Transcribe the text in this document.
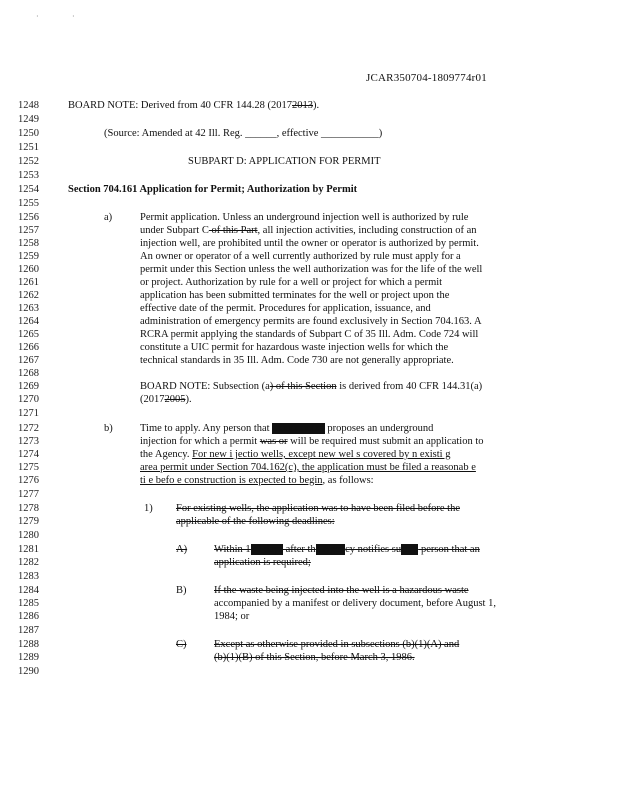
·	·
JCAR350704-1809774r01
1248
1249
1250
1251
1252
1253
1254
1255
1256
1257
1258
1259
1260
1261
1262
1263
1264
1265
1266
1267
1268
1269
1270
1271
1272
1273
1274
1275
1276
1277
1278
1279
1280
1281
1282
1283
1284
1285
1286
1287
1288
1289
1290
BOARD NOTE: Derived from 40 CFR 144.28 (20172013).
(Source: Amended at 42 Ill. Reg. ______, effective ___________)
SUBPART D: APPLICATION FOR PERMIT
Section 704.161 Application for Permit; Authorization by Permit
a)	Permit application. Unless an underground injection well is authorized by rule
under Subpart C of this Part, all injection activities, including construction of an
injection well, are prohibited until the owner or operator is authorized by permit.
An owner or operator of a well currently authorized by rule must apply for a
permit under this Section unless the well authorization was for the life of the well
or project. Authorization by rule for a well or project for which a permit
application has been submitted terminates for the well or project upon the
effective date of the permit. Procedures for application, issuance, and
administration of emergency permits are found exclusively in Section 704.163. A
RCRA permit applying the standards of Subpart C of 35 Ill. Adm. Code 724 will
constitute a UIC permit for hazardous waste injection wells for which the
technical standards in 35 Ill. Adm. Code 730 are not generally appropriate.
BOARD NOTE: Subsection (a) of this Section is derived from 40 CFR 144.31(a)
(20172005).
b)	Time to apply. Any person that xxxxxxxxxx proposes an underground
injection for which a permit was or will be required must submit an application to
the Agency. For new i jectio wells, except new wel s covered by n existi g
area permit under Section 704.162(c), the application must be filed a reasonab e
ti e befo e construction is expected to begin, as follows:
1) For existing wells, the application was to have been filed before the
applicable of the following deadlines:
A)	Within 180 days after the Agency notifies such a person that an
application is required;
B)	If the waste being injected into the well is a hazardous waste
accompanied by a manifest or delivery document, before August 1,
1984; or
C)	Except as otherwise provided in subsections (b)(1)(A) and
(b)(1)(B) of this Section, before March 3, 1986.
